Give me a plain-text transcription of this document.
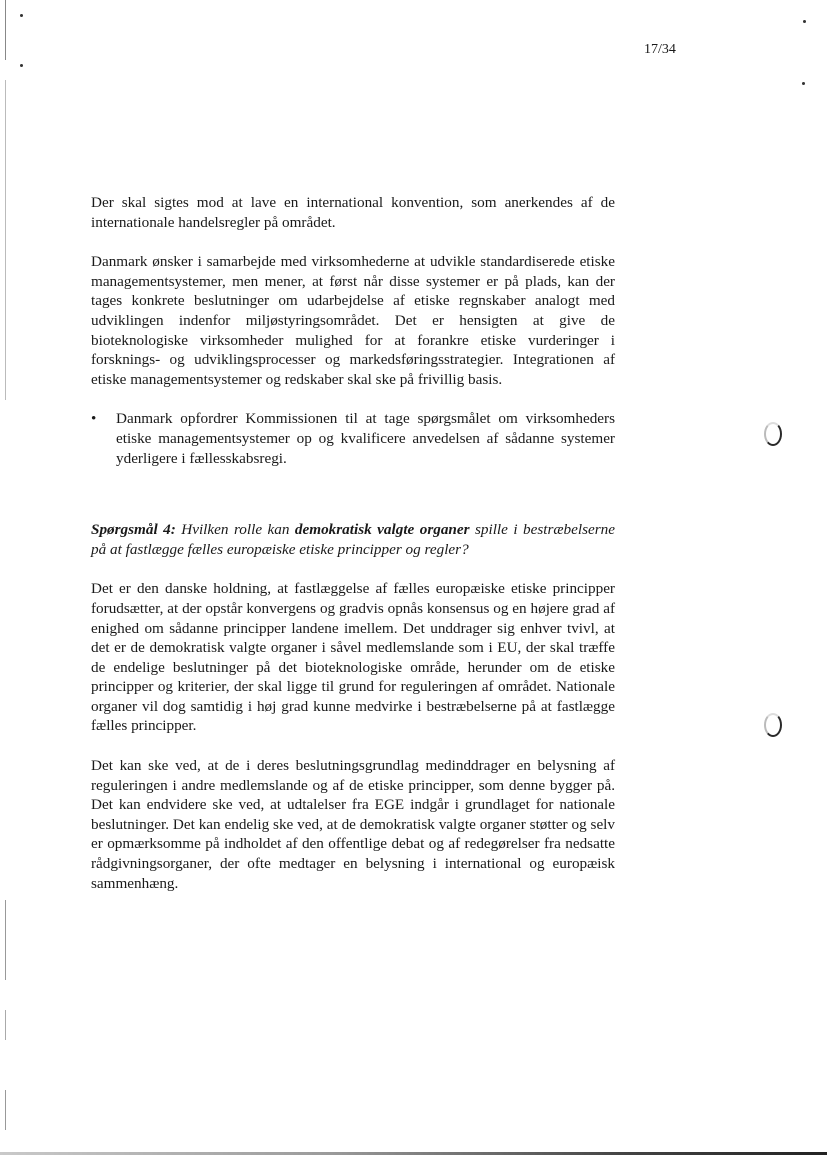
17/34

Der skal sigtes mod at lave en international konvention, som anerkendes af de internationale handelsregler på området.

Danmark ønsker i samarbejde med virksomhederne at udvikle standardiserede etiske managementsystemer, men mener, at først når disse systemer er på plads, kan der tages konkrete beslutninger om udarbejdelse af etiske regnskaber analogt med udviklingen indenfor miljøstyringsområdet. Det er hensigten at give de bioteknologiske virksomheder mulighed for at forankre etiske vurderinger i forsknings- og udviklingsprocesser og markedsføringsstrategier. Integrationen af etiske managementsystemer og redskaber skal ske på frivillig basis.

•	Danmark opfordrer Kommissionen til at tage spørgsmålet om virksomheders etiske managementsystemer op og kvalificere anvedelsen af sådanne systemer yderligere i fællesskabsregi.

Spørgsmål 4: Hvilken rolle kan demokratisk valgte organer spille i bestræbelserne på at fastlægge fælles europæiske etiske principper og regler?

Det er den danske holdning, at fastlæggelse af fælles europæiske etiske principper forudsætter, at der opstår konvergens og gradvis opnås konsensus og en højere grad af enighed om sådanne principper landene imellem. Det unddrager sig enhver tvivl, at det er de demokratisk valgte organer i såvel medlemslande som i EU, der skal træffe de endelige beslutninger på det bioteknologiske område, herunder om de etiske principper og kriterier, der skal ligge til grund for reguleringen af området. Nationale organer vil dog samtidig i høj grad kunne medvirke i bestræbelserne på at fastlægge fælles principper.

Det kan ske ved, at de i deres beslutningsgrundlag medinddrager en belysning af reguleringen i andre medlemslande og af de etiske principper, som denne bygger på. Det kan endvidere ske ved, at udtalelser fra EGE indgår i grundlaget for nationale beslutninger. Det kan endelig ske ved, at de demokratisk valgte organer støtter og selv er opmærksomme på indholdet af den offentlige debat og af redegørelser fra nedsatte rådgivningsorganer, der ofte medtager en belysning i international og europæisk sammenhæng.
